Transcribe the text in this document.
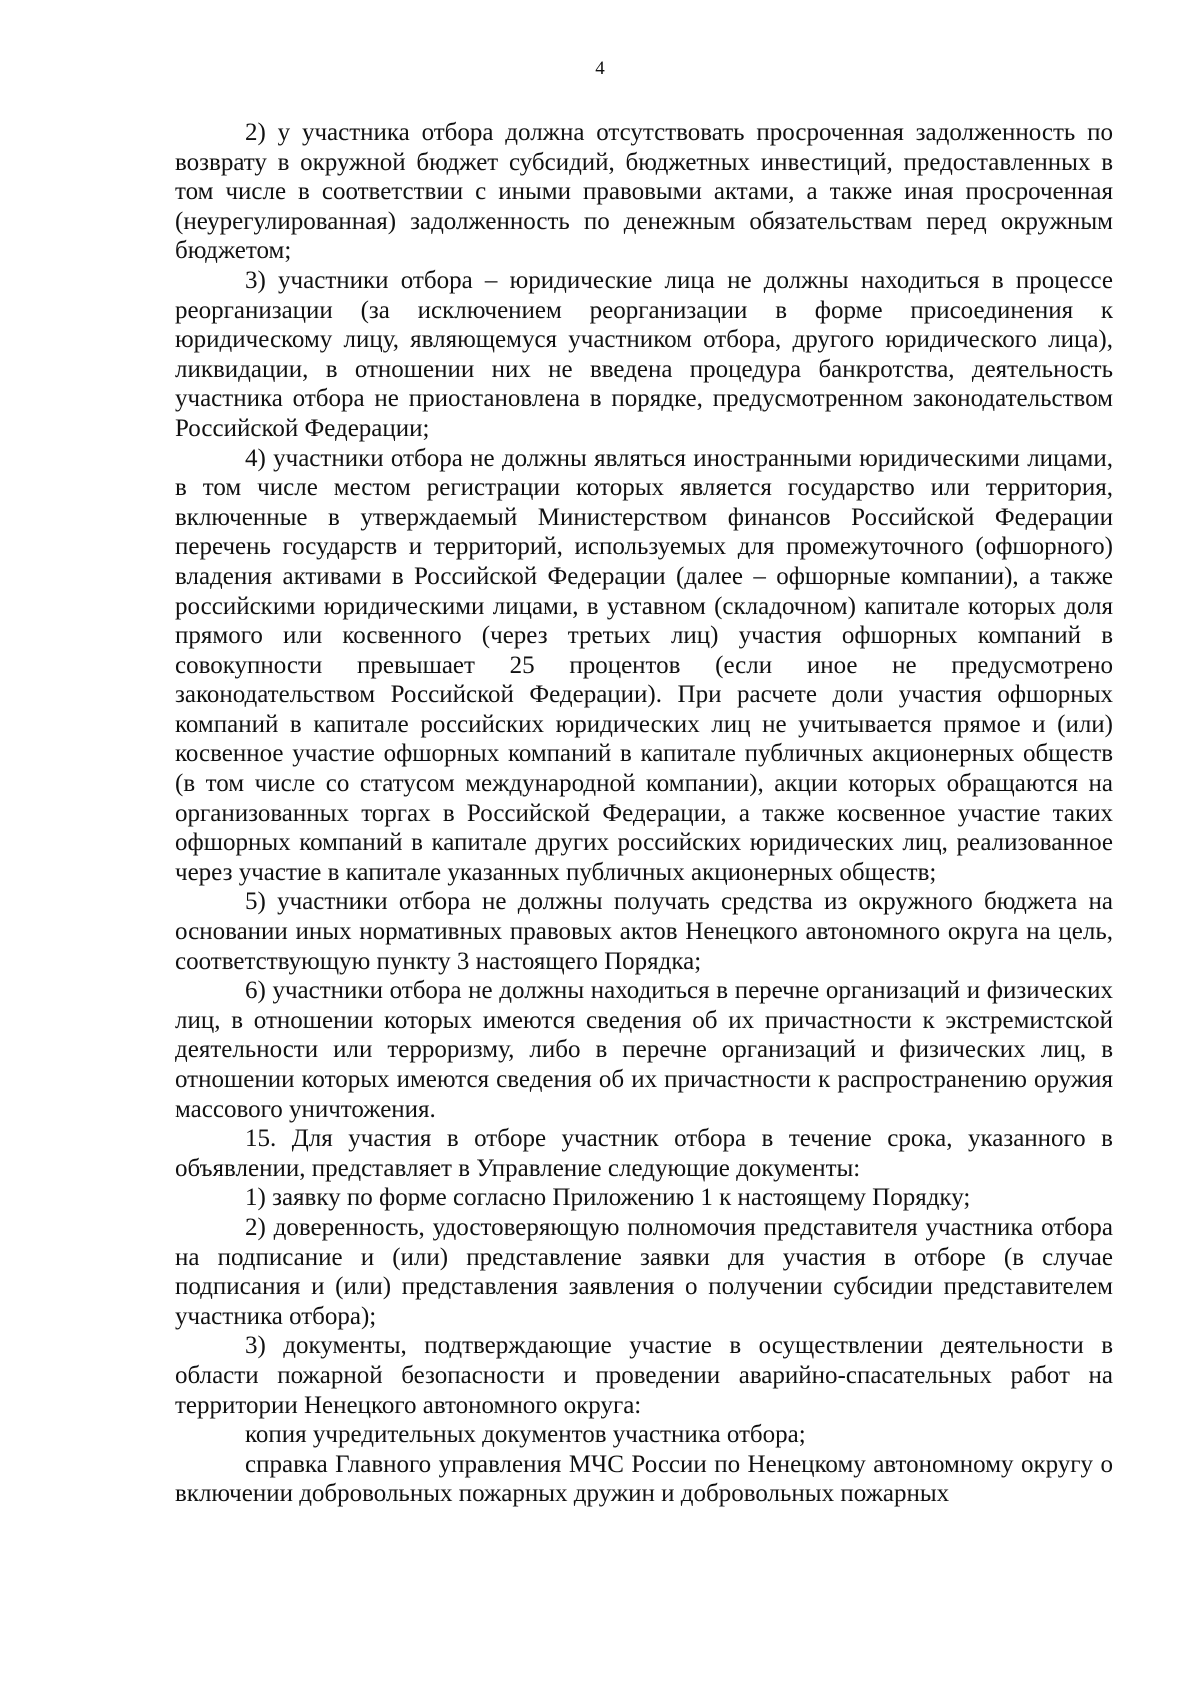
4

2) у участника отбора должна отсутствовать просроченная задолженность по возврату в окружной бюджет субсидий, бюджетных инвестиций, предоставленных в том числе в соответствии с иными правовыми актами, а также иная просроченная (неурегулированная) задолженность по денежным обязательствам перед окружным бюджетом;

3) участники отбора – юридические лица не должны находиться в процессе реорганизации (за исключением реорганизации в форме присоединения к юридическому лицу, являющемуся участником отбора, другого юридического лица), ликвидации, в отношении них не введена процедура банкротства, деятельность участника отбора не приостановлена в порядке, предусмотренном законодательством Российской Федерации;

4) участники отбора не должны являться иностранными юридическими лицами, в том числе местом регистрации которых является государство или территория, включенные в утверждаемый Министерством финансов Российской Федерации перечень государств и территорий, используемых для промежуточного (офшорного) владения активами в Российской Федерации (далее – офшорные компании), а также российскими юридическими лицами, в уставном (складочном) капитале которых доля прямого или косвенного (через третьих лиц) участия офшорных компаний в совокупности превышает 25 процентов (если иное не предусмотрено законодательством Российской Федерации). При расчете доли участия офшорных компаний в капитале российских юридических лиц не учитывается прямое и (или) косвенное участие офшорных компаний в капитале публичных акционерных обществ (в том числе со статусом международной компании), акции которых обращаются на организованных торгах в Российской Федерации, а также косвенное участие таких офшорных компаний в капитале других российских юридических лиц, реализованное через участие в капитале указанных публичных акционерных обществ;

5) участники отбора не должны получать средства из окружного бюджета на основании иных нормативных правовых актов Ненецкого автономного округа на цель, соответствующую пункту 3 настоящего Порядка;

6) участники отбора не должны находиться в перечне организаций и физических лиц, в отношении которых имеются сведения об их причастности к экстремистской деятельности или терроризму, либо в перечне организаций и физических лиц, в отношении которых имеются сведения об их причастности к распространению оружия массового уничтожения.

15. Для участия в отборе участник отбора в течение срока, указанного в объявлении, представляет в Управление следующие документы:

1) заявку по форме согласно Приложению 1 к настоящему Порядку;

2) доверенность, удостоверяющую полномочия представителя участника отбора на подписание и (или) представление заявки для участия в отборе (в случае подписания и (или) представления заявления о получении субсидии представителем участника отбора);

3) документы, подтверждающие участие в осуществлении деятельности в области пожарной безопасности и проведении аварийно-спасательных работ на территории Ненецкого автономного округа:

копия учредительных документов участника отбора;

справка Главного управления МЧС России по Ненецкому автономному округу о включении добровольных пожарных дружин и добровольных пожарных
